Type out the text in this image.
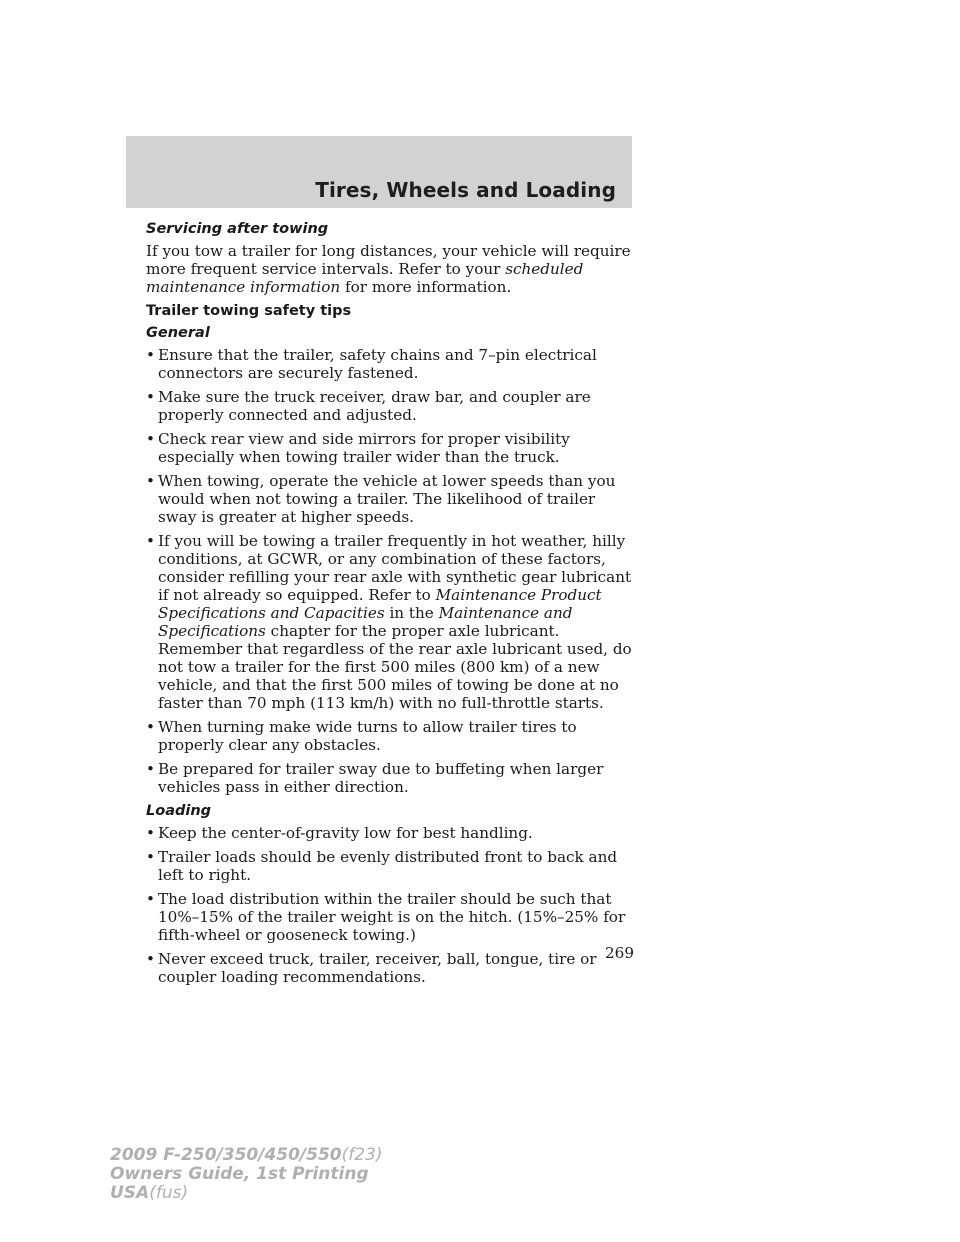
Tires, Wheels and Loading
Servicing after towing

If you tow a trailer for long distances, your vehicle will require more frequent service intervals. Refer to your scheduled maintenance information for more information.

Trailer towing safety tips
General
• Ensure that the trailer, safety chains and 7–pin electrical connectors are securely fastened.
• Make sure the truck receiver, draw bar, and coupler are properly connected and adjusted.
• Check rear view and side mirrors for proper visibility especially when towing trailer wider than the truck.
• When towing, operate the vehicle at lower speeds than you would when not towing a trailer. The likelihood of trailer sway is greater at higher speeds.
• If you will be towing a trailer frequently in hot weather, hilly conditions, at GCWR, or any combination of these factors, consider refilling your rear axle with synthetic gear lubricant if not already so equipped. Refer to Maintenance Product Specifications and Capacities in the Maintenance and Specifications chapter for the proper axle lubricant. Remember that regardless of the rear axle lubricant used, do not tow a trailer for the first 500 miles (800 km) of a new vehicle, and that the first 500 miles of towing be done at no faster than 70 mph (113 km/h) with no full-throttle starts.
• When turning make wide turns to allow trailer tires to properly clear any obstacles.
• Be prepared for trailer sway due to buffeting when larger vehicles pass in either direction.
Loading
• Keep the center-of-gravity low for best handling.
• Trailer loads should be evenly distributed front to back and left to right.
• The load distribution within the trailer should be such that 10%–15% of the trailer weight is on the hitch. (15%–25% for fifth-wheel or gooseneck towing.)
• Never exceed truck, trailer, receiver, ball, tongue, tire or coupler loading recommendations.
269
2009 F-250/350/450/550(f23)
Owners Guide, 1st Printing
USA(fus)
